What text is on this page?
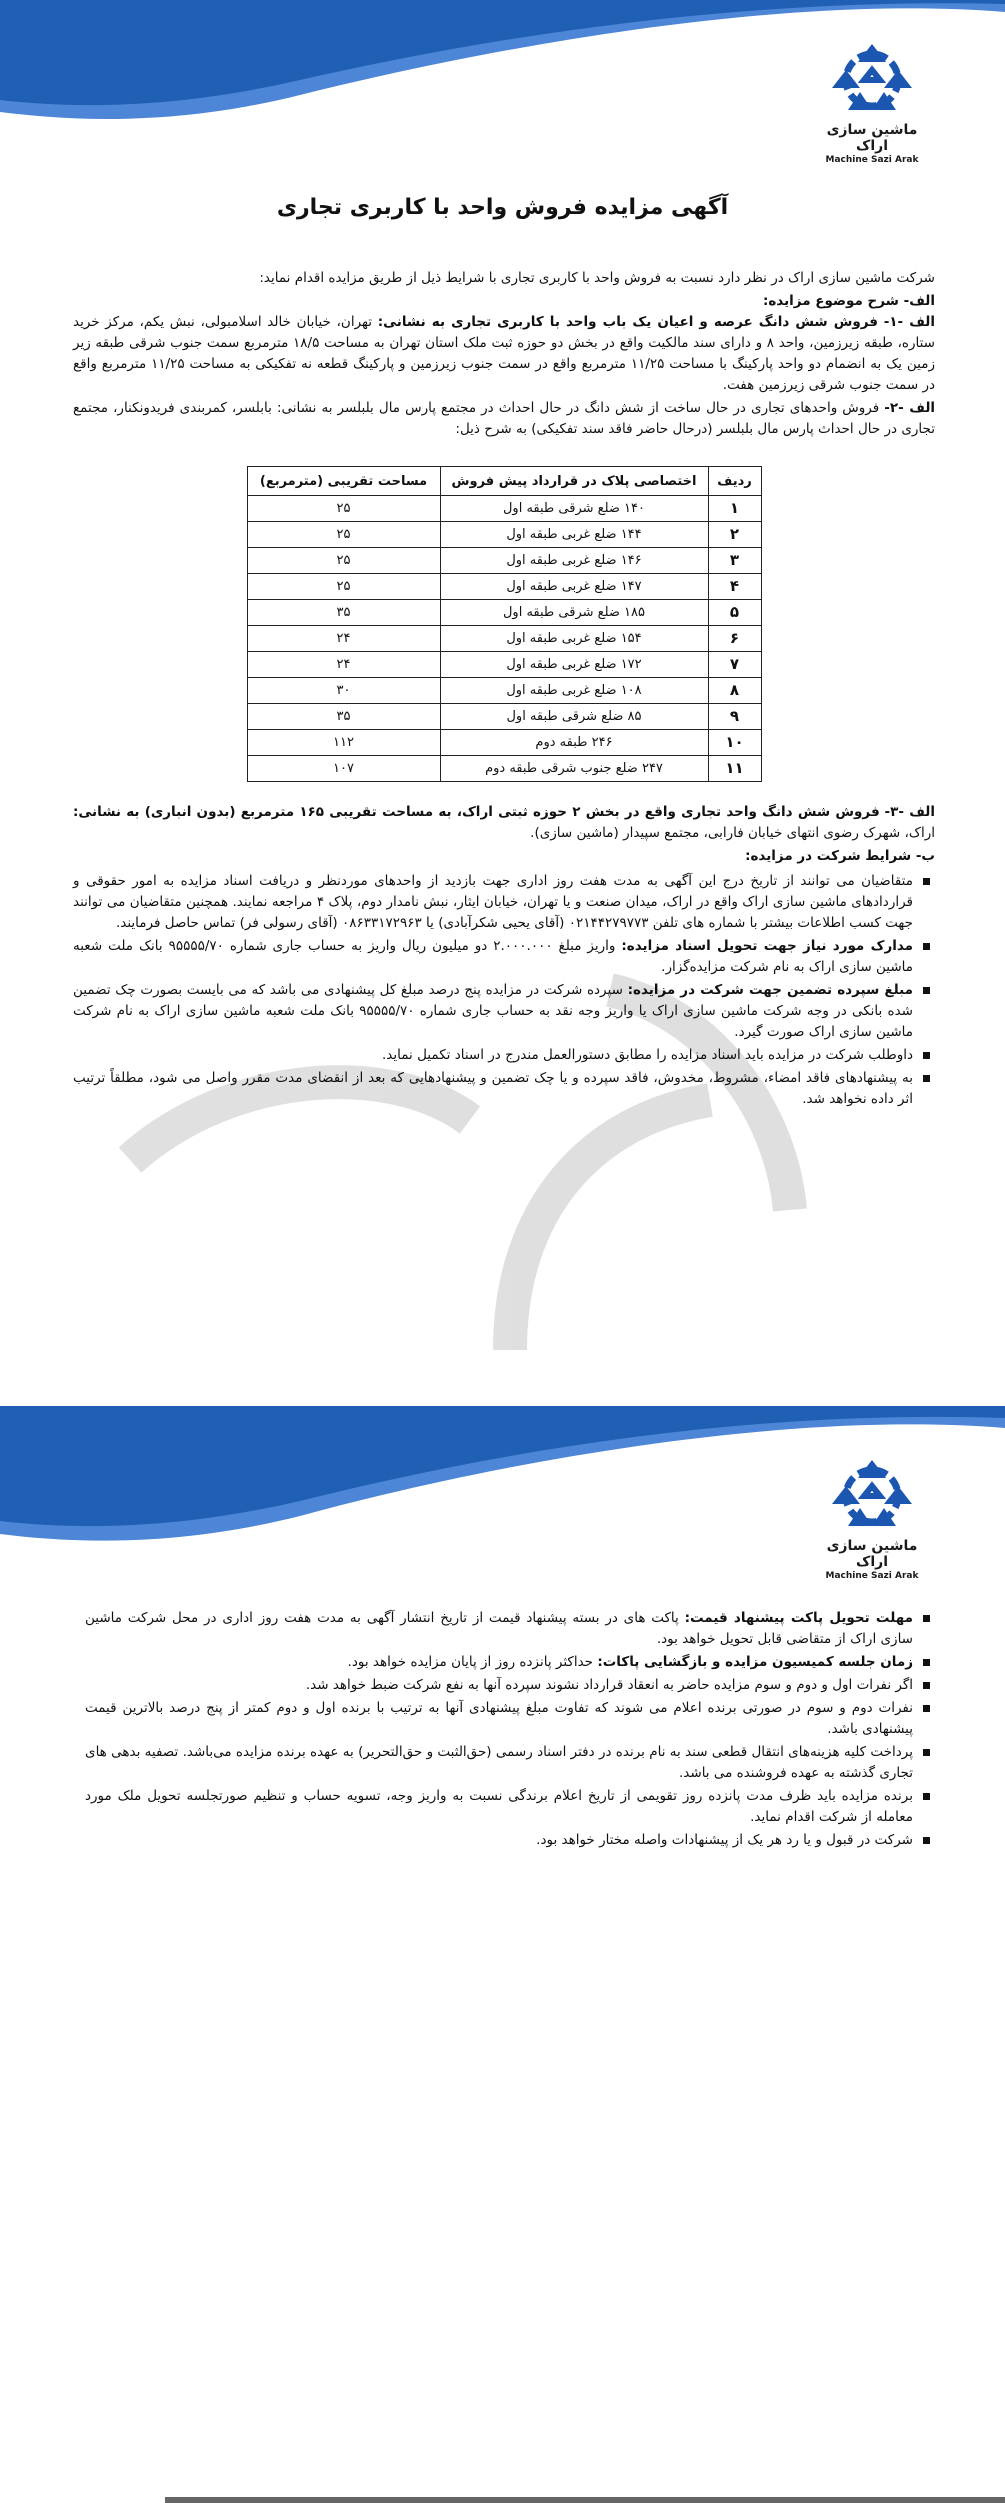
ماشین سازی اراک
Machine Sazi Arak
آگهی مزایده فروش واحد با کاربری تجاری

شرکت ماشین سازی اراک در نظر دارد نسبت به فروش واحد با کاربری تجاری با شرایط ذیل از طریق مزایده اقدام نماید:

الف- شرح موضوع مزایده:

الف -۱- فروش شش دانگ عرصه و اعیان یک باب واحد با کاربری تجاری به نشانی: تهران، خیابان خالد اسلامبولی، نبش یکم، مرکز خرید ستاره، طبقه زیرزمین، واحد ۸ و دارای سند مالکیت واقع در بخش دو حوزه ثبت ملک استان تهران به مساحت ۱۸/۵ مترمربع سمت جنوب شرقی طبقه زیر زمین یک به انضمام دو واحد پارکینگ با مساحت ۱۱/۲۵ مترمربع واقع در سمت جنوب زیرزمین و پارکینگ قطعه نه تفکیکی به مساحت ۱۱/۲۵ مترمربع واقع در سمت جنوب شرقی زیرزمین هفت.

الف -۲- فروش واحدهای تجاری در حال ساخت از شش دانگ در حال احداث در مجتمع پارس مال بلبلسر به نشانی: بابلسر، کمربندی فریدونکنار، مجتمع تجاری در حال احداث پارس مال بلبلسر (درحال حاضر فاقد سند تفکیکی) به شرح ذیل:

ردیف	اختصاصی پلاک در قرارداد پیش فروش	مساحت تقریبی (مترمربع)
۱	۱۴۰ ضلع شرقی طبقه اول	۲۵
۲	۱۴۴ ضلع غربی طبقه اول	۲۵
۳	۱۴۶ ضلع غربی طبقه اول	۲۵
۴	۱۴۷ ضلع غربی طبقه اول	۲۵
۵	۱۸۵ ضلع شرقی طبقه اول	۳۵
۶	۱۵۴ ضلع غربی طبقه اول	۲۴
۷	۱۷۲ ضلع غربی طبقه اول	۲۴
۸	۱۰۸ ضلع غربی طبقه اول	۳۰
۹	۸۵ ضلع شرقی طبقه اول	۳۵
۱۰	۲۴۶ طبقه دوم	۱۱۲
۱۱	۲۴۷ ضلع جنوب شرقی طبقه دوم	۱۰۷

الف -۳- فروش شش دانگ واحد تجاری واقع در بخش ۲ حوزه ثبتی اراک، به مساحت تقریبی ۱۶۵ مترمربع (بدون انباری) به نشانی: اراک، شهرک رضوی انتهای خیابان فارابی، مجتمع سپیدار (ماشین سازی).

ب- شرایط شرکت در مزایده:

متقاضیان می توانند از تاریخ درج این آگهی به مدت هفت روز اداری جهت بازدید از واحدهای موردنظر و دریافت اسناد مزایده به امور حقوقی و قراردادهای ماشین سازی اراک واقع در اراک، میدان صنعت و یا تهران، خیابان ایثار، نبش نامدار دوم، پلاک ۴ مراجعه نمایند. همچنین متقاضیان می توانند جهت کسب اطلاعات بیشتر با شماره های تلفن ۰۲۱۴۴۲۷۹۷۷۳ (آقای یحیی شکرآبادی) یا ۰۸۶۳۳۱۷۲۹۶۳ (آقای رسولی فر) تماس حاصل فرمایند.
مدارک مورد نیاز جهت تحویل اسناد مزایده: واریز مبلغ ۲.۰۰۰.۰۰۰ دو میلیون ریال واریز به حساب جاری شماره ۹۵۵۵۵/۷۰ بانک ملت شعبه ماشین سازی اراک به نام شرکت مزایده‌گزار.
مبلغ سپرده تضمین جهت شرکت در مزایده: سپرده شرکت در مزایده پنج درصد مبلغ کل پیشنهادی می باشد که می بایست بصورت چک تضمین شده بانکی در وجه شرکت ماشین سازی اراک یا واریز وجه نقد به حساب جاری شماره ۹۵۵۵۵/۷۰ بانک ملت شعبه ماشین سازی اراک به نام شرکت ماشین سازی اراک صورت گیرد.
داوطلب شرکت در مزایده باید اسناد مزایده را مطابق دستورالعمل مندرج در اسناد تکمیل نماید.
به پیشنهادهای فاقد امضاء، مشروط، مخدوش، فاقد سپرده و یا چک تضمین و پیشنهادهایی که بعد از انقضای مدت مقرر واصل می شود، مطلقاً ترتیب اثر داده نخواهد شد.
ماشین سازی اراک
Machine Sazi Arak
مهلت تحویل پاکت پیشنهاد قیمت: پاکت های در بسته پیشنهاد قیمت از تاریخ انتشار آگهی به مدت هفت روز اداری در محل شرکت ماشین سازی اراک از متقاضی قابل تحویل خواهد بود.
زمان جلسه کمیسیون مزایده و بازگشایی پاکات: حداکثر پانزده روز از پایان مزایده خواهد بود.
اگر نفرات اول و دوم و سوم مزایده حاضر به انعقاد قرارداد نشوند سپرده آنها به نفع شرکت ضبط خواهد شد.
نفرات دوم و سوم در صورتی برنده اعلام می شوند که تفاوت مبلغ پیشنهادی آنها به ترتیب با برنده اول و دوم کمتر از پنج درصد بالاترین قیمت پیشنهادی باشد.
پرداخت کلیه هزینه‌های انتقال قطعی سند به نام برنده در دفتر اسناد رسمی (حق‌الثبت و حق‌التحریر) به عهده برنده مزایده می‌باشد. تصفیه بدهی های تجاری گذشته به عهده فروشنده می باشد.
برنده مزایده باید ظرف مدت پانزده روز تقویمی از تاریخ اعلام برندگی نسبت به واریز وجه، تسویه حساب و تنظیم صورتجلسه تحویل ملک مورد معامله از شرکت اقدام نماید.
شرکت در قبول و یا رد هر یک از پیشنهادات واصله مختار خواهد بود.
